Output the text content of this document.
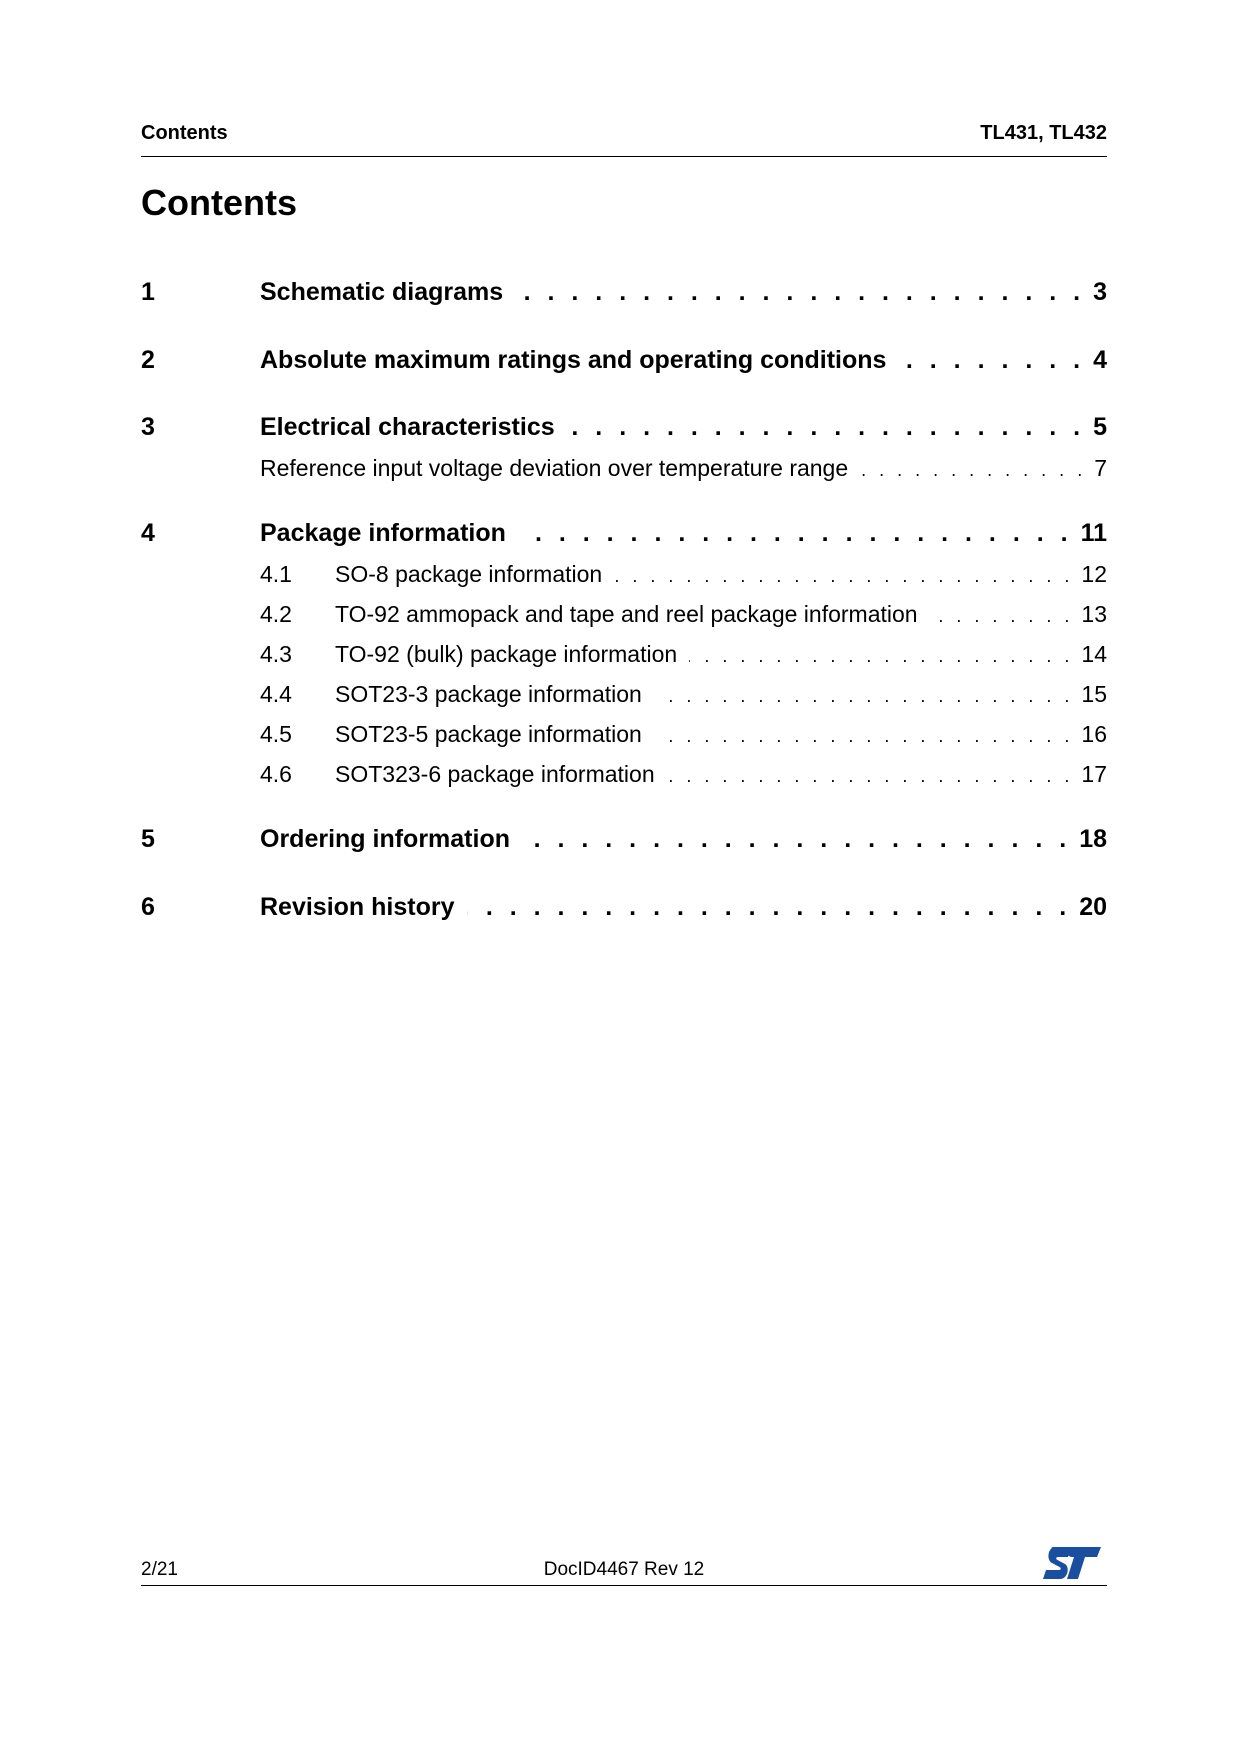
Contents	TL431, TL432
Contents
1	Schematic diagrams . . .	3
2	Absolute maximum ratings and operating conditions . . .	4
3	Electrical characteristics . . .	5
Reference input voltage deviation over temperature range . . .	7
4	Package information . . .	11
4.1	SO-8 package information . . .	12
4.2	TO-92 ammopack and tape and reel package information . . .	13
4.3	TO-92 (bulk) package information . . .	14
4.4	SOT23-3 package information . . .	15
4.5	SOT23-5 package information . . .	16
4.6	SOT323-6 package information . . .	17
5	Ordering information . . .	18
6	Revision history . . .	20
2/21	DocID4467 Rev 12
